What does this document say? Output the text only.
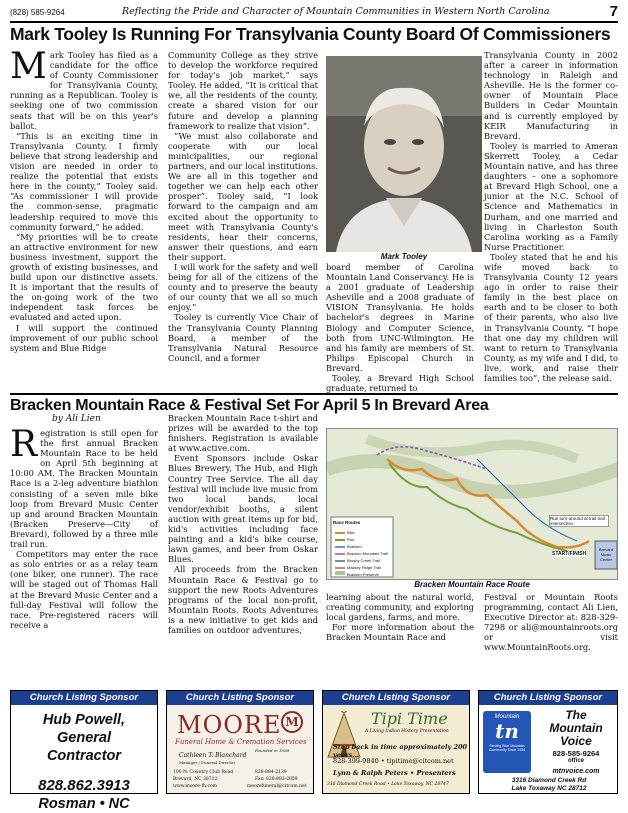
(828) 585-9264	Reflecting the Pride and Character of Mountain Communities in Western North Carolina	7
Mark Tooley Is Running For Transylvania County Board Of Commissioners
M ark Tooley has filed as a candidate for the office of County Commissioner for Transylvania County, running as a Republican. Tooley is seeking one of two commission seats that will be on this year's ballot.

“This is an exciting time in Transylvania County. I firmly believe that strong leadership and vision are needed in order to realize the potential that exists here in the county,” Tooley said. “As commissioner I will provide the common-sense, pragmatic leadership required to move this community forward,” he added.

“My priorities will be to create an attractive environment for new business investment, support the growth of existing businesses, and build upon our distinctive assets. It is important that the results of the on-going work of the two independent task forces be evaluated and acted upon.

I will support the continued improvement of our public school system and Blue Ridge

Community College as they strive to develop the workforce required for today's job market,” says Tooley. He added, “It is critical that we, all the residents of the county, create a shared vision for our future and develop a planning framework to realize that vision”.

“We must also collaborate and cooperate with our local municipalities, our regional partners, and our local institutions. We are all in this together and together we can help each other prosper”. Tooley said, “I look forward to the campaign and am excited about the opportunity to meet with Transylvania County's residents, hear their concerns, answer their questions, and earn their support.

I will work for the safety and well being for all of the citizens of the county and to preserve the beauty of our county that we all so much enjoy.”

Tooley is currently Vice Chair of the Transylvania County Planning Board, a member of the Transylvania Natural Resource Council, and a former

Mark Tooley

board member of Carolina Mountain Land Conservancy. He is a 2001 graduate of Leadership Asheville and a 2008 graduate of VISION Transylvania. He holds bachelor's degrees in Marine Biology and Computer Science, both from UNC-Wilmington. He and his family are members of St. Philips Episcopal Church in Brevard.

Tooley, a Brevard High School graduate, returned to

Transylvania County in 2002 after a career in information technology in Raleigh and Asheville. He is the former co-owner of Mountain Place Builders in Cedar Mountain and is currently employed by KEIR Manufacturing in Brevard.

Tooley is married to Ameran Skerrett Tooley, a Cedar Mountain native, and has three daughters – one a sophomore at Brevard High School, one a junior at the N.C. School of Science and Mathematics in Durham, and one married and living in Charleston South Carolina working as a Family Nurse Practitioner.

Tooley stated that he and his wife moved back to Transylvania County 12 years ago in order to raise their family in the best place on earth and to be closer to both of their parents, who also live in Transylvania County. “I hope that one day my children will want to return to Transylvania County, as my wife and I did, to live, work, and raise their families too”, the release said.

Bracken Mountain Race & Festival Set For April 5 In Brevard Area
by Ali Lien
R egistration is still open for the first annual Bracken Mountain Race to be held on April 5th beginning at 10:00 AM. The Bracken Mountain Race is a 2-leg adventure biathlon consisting of a seven mile bike loop from Brevard Music Center up and around Bracken Mountain (Bracken Preserve—City of Brevard), followed by a three mile trail run.

Competitors may enter the race as solo entries or as a relay team (one biker, one runner). The race will be staged out of Thomas Hall at the Brevard Music Center and a full-day Festival will follow the race. Pre-registered racers will receive a

Bracken Mountain Race t-shirt and prizes will be awarded to the top finishers. Registration is available at www.active.com.

Event Sponsors include Oskar Blues Brewery, The Hub, and High Country Tree Service. The all day festival will include live music from two local bands, local vendor/exhibit booths, a silent auction with great items up for bid, kid's activities including face painting and a kid's bike course, lawn games, and beer from Oskar Blues.

All proceeds from the Bracken Mountain Race & Festival go to support the new Roots Adventures programs of the local non-profit, Mountain Roots. Roots Adventures is a new initiative to get kids and families on outdoor adventures,

Race Routes
Bike
Run
Bracken
Bracken Mountain Trail
Brushy Creek Trail
Mackey Ridge Trail
Bracken Preserve
Run turn-around at trail trail intersection
START/FINISH
Brevard Music Center
Bracken Mountain Race Route

learning about the natural world, creating community, and exploring local gardens, farms, and more.

For more information about the Bracken Mountain Race and

Festival or Mountain Roots programming, contact Ali Lien, Executive Director at: 828-329-7298 or ali@mountainroots.org or visit www.MountainRoots.org.

Church Listing Sponsor
Hub Powell,
General
Contractor
828.862.3913
Rosman • NC
Church Listing Sponsor
MOORE M
Funeral Home & Cremation Services
Founded in 1938
Cathleen T. Blanchard
Manager / Funeral Director
100 N. Country Club Road
Brevard, NC 28712
www.moore-fh.com
828-884-2139
Fax: 828-883-2659
moorefuneral@citcom.net
Church Listing Sponsor
Tipi Time
A Living Indian History Presentation
Step back in time approximately 200 years...
828-399-9840 • tipitime@citcom.net
Lynn & Ralph Peters • Presenters
316 Diamond Creek Road • Lake Toxaway, NC 28747
Church Listing Sponsor
Mountain
tn
Serving Blue Mountain Community Since 1984
The
Mountain
Voice
828-585-9264
office
mtnvoice.com
3316 Diamond Creek Rd
Lake Toxaway NC 28712
